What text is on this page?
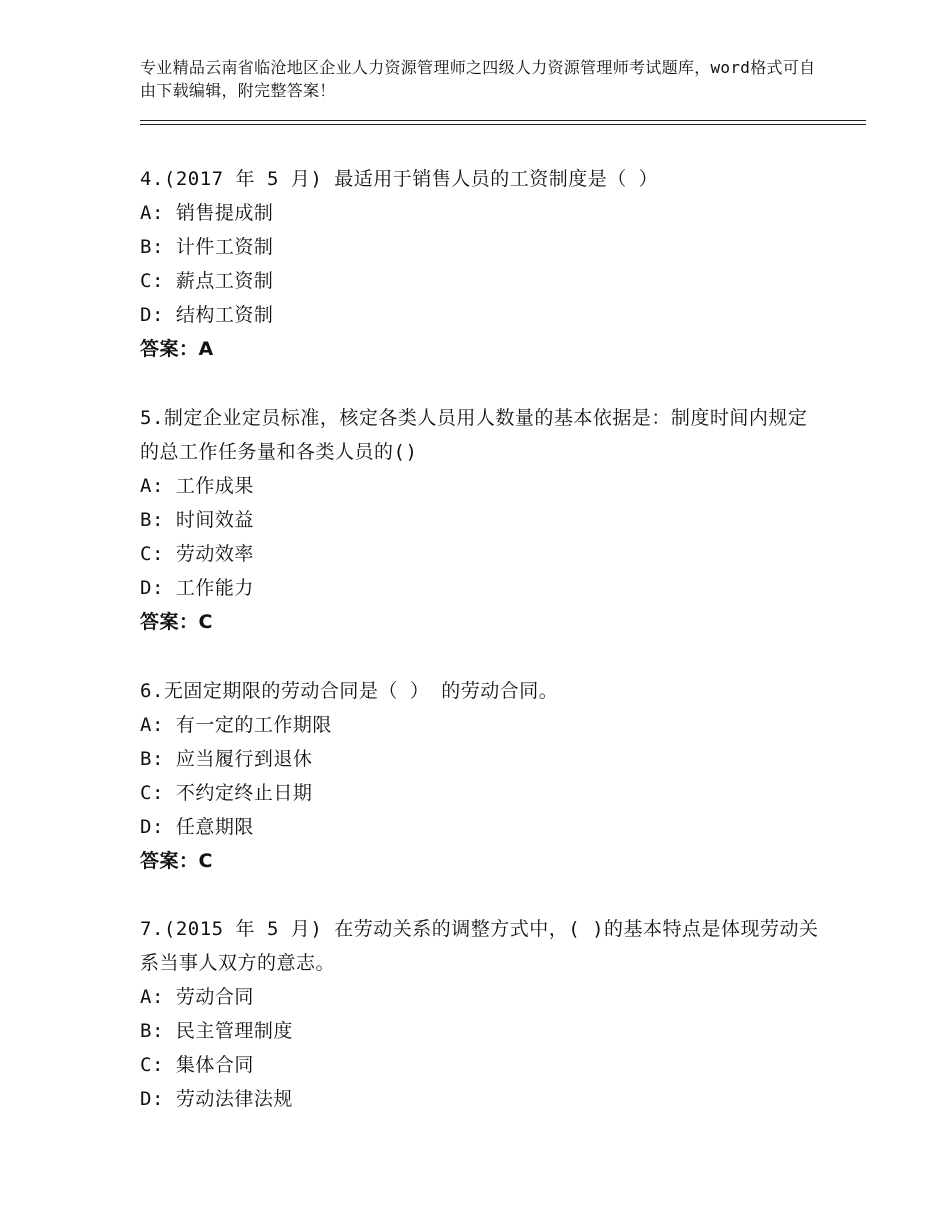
专业精品云南省临沧地区企业人力资源管理师之四级人力资源管理师考试题库，word格式可自由下载编辑，附完整答案！
4.(2017 年 5 月) 最适用于销售人员的工资制度是（ ）
A: 销售提成制
B: 计件工资制
C: 薪点工资制
D: 结构工资制
答案：A
5.制定企业定员标准，核定各类人员用人数量的基本依据是：制度时间内规定的总工作任务量和各类人员的()
A: 工作成果
B: 时间效益
C: 劳动效率
D: 工作能力
答案：C
6.无固定期限的劳动合同是（ ） 的劳动合同。
A: 有一定的工作期限
B: 应当履行到退休
C: 不约定终止日期
D: 任意期限
答案：C
7.(2015 年 5 月) 在劳动关系的调整方式中，( )的基本特点是体现劳动关系当事人双方的意志。
A: 劳动合同
B: 民主管理制度
C: 集体合同
D: 劳动法律法规
